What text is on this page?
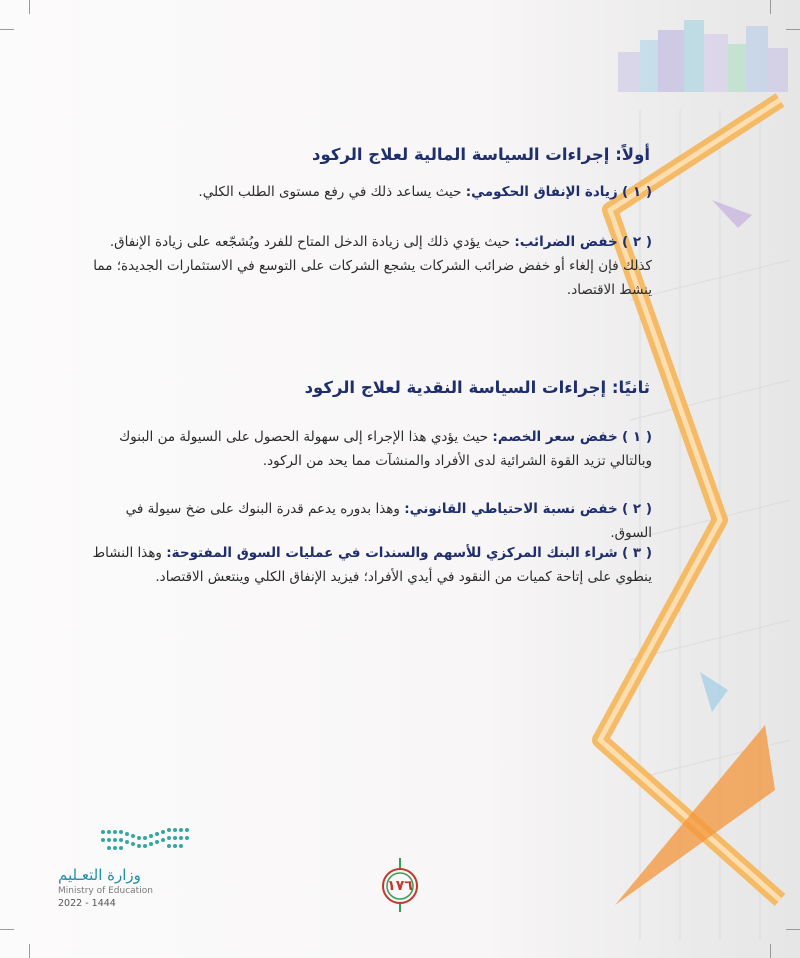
أولاً: إجراءات السياسة المالية لعلاج الركود

( ١ ) زيادة الإنفاق الحكومي: حيث يساعد ذلك في رفع مستوى الطلب الكلي.

( ٢ ) خفض الضرائب: حيث يؤدي ذلك إلى زيادة الدخل المتاح للفرد ويُشجّعه على زيادة الإنفاق. كذلك فإن إلغاء أو خفض ضرائب الشركات يشجع الشركات على التوسع في الاستثمارات الجديدة؛ مما ينشط الاقتصاد.

ثانيًا: إجراءات السياسة النقدية لعلاج الركود

( ١ ) خفض سعر الخصم: حيث يؤدي هذا الإجراء إلى سهولة الحصول على السيولة من البنوك وبالتالي تزيد القوة الشرائية لدى الأفراد والمنشآت مما يحد من الركود.

( ٢ ) خفض نسبة الاحتياطي القانوني: وهذا بدوره يدعم قدرة البنوك على ضخ سيولة في السوق.

( ٣ ) شراء البنك المركزي للأسهم والسندات في عمليات السوق المفتوحة: وهذا النشاط ينطوي على إتاحة كميات من النقود في أيدي الأفراد؛ فيزيد الإنفاق الكلي وينتعش الاقتصاد.

وزارة التعـليم
Ministry of Education
2022 - 1444
١٧٦
